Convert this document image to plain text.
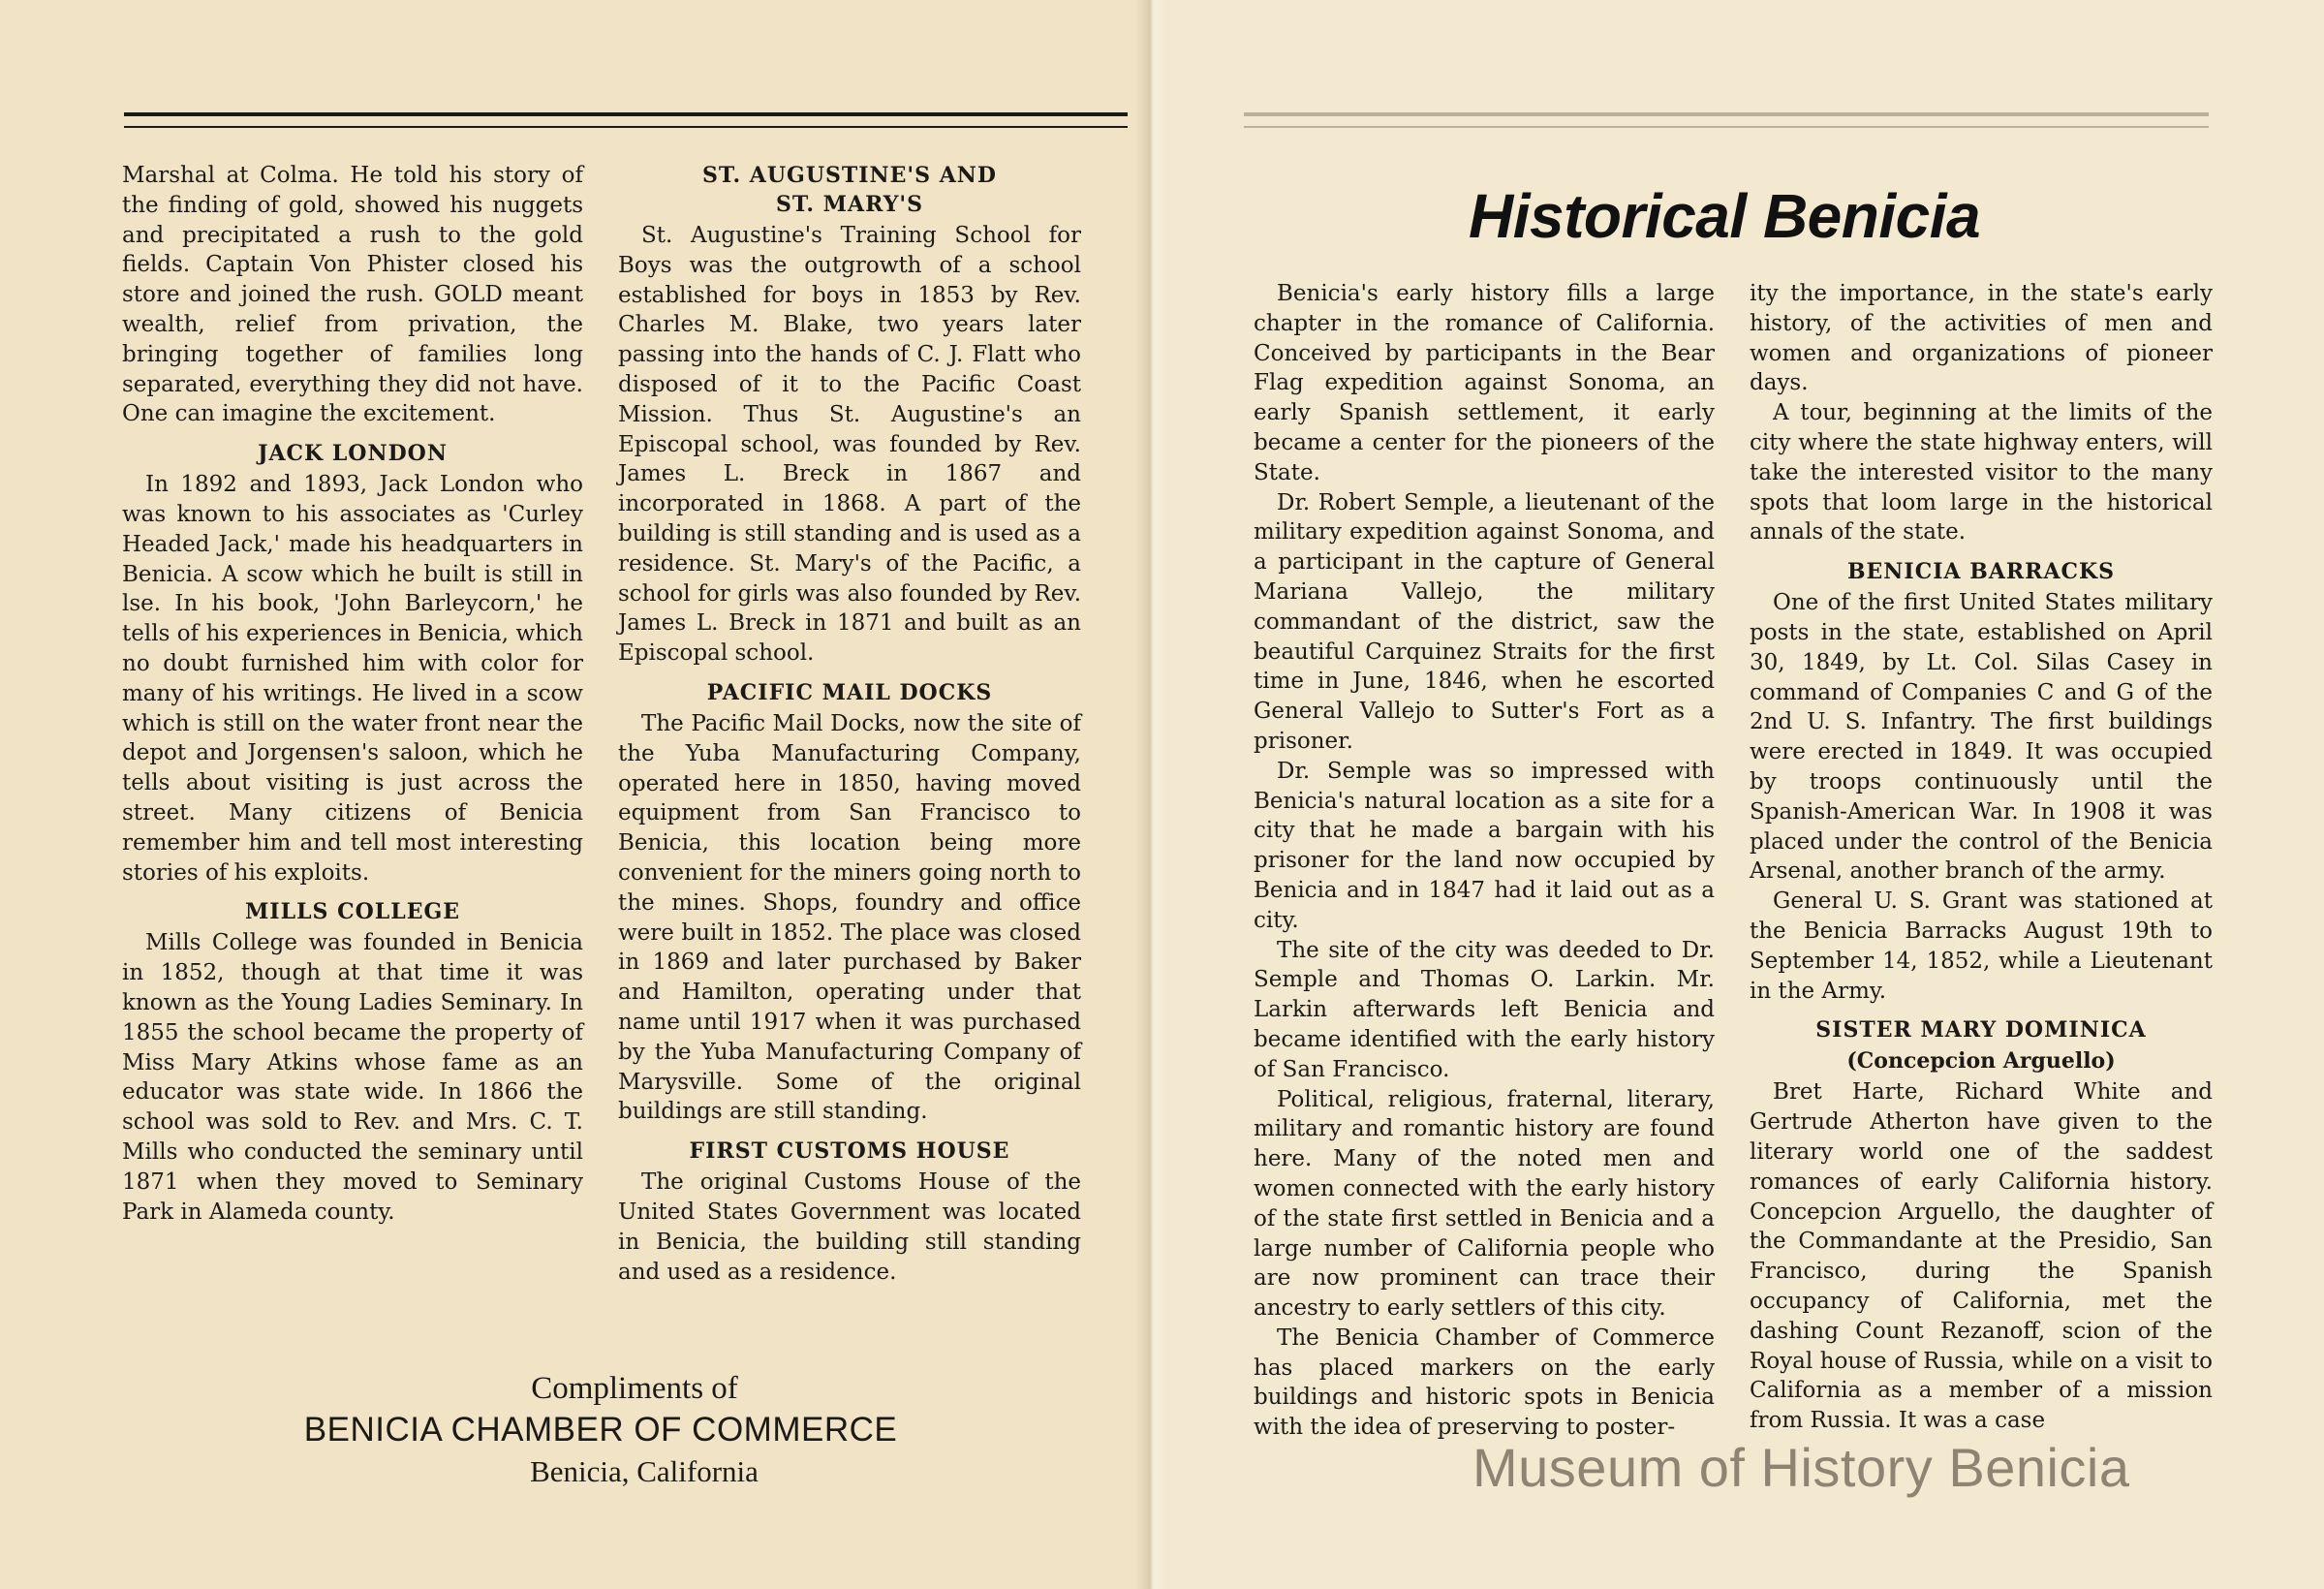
Marshal at Colma. He told his story of the finding of gold, showed his nuggets and precipitated a rush to the gold fields. Captain Von Phister closed his store and joined the rush. GOLD meant wealth, relief from privation, the bringing together of families long separated, everything they did not have. One can imagine the excitement.

JACK LONDON

In 1892 and 1893, Jack London who was known to his associates as 'Curley Headed Jack,' made his headquarters in Benicia. A scow which he built is still in lse. In his book, 'John Barleycorn,' he tells of his experiences in Benicia, which no doubt furnished him with color for many of his writings. He lived in a scow which is still on the water front near the depot and Jorgensen's saloon, which he tells about visiting is just across the street. Many citizens of Benicia remember him and tell most interesting stories of his exploits.

MILLS COLLEGE

Mills College was founded in Benicia in 1852, though at that time it was known as the Young Ladies Seminary. In 1855 the school became the property of Miss Mary Atkins whose fame as an educator was state wide. In 1866 the school was sold to Rev. and Mrs. C. T. Mills who conducted the seminary until 1871 when they moved to Seminary Park in Alameda county.

ST. AUGUSTINE'S AND
ST. MARY'S

St. Augustine's Training School for Boys was the outgrowth of a school established for boys in 1853 by Rev. Charles M. Blake, two years later passing into the hands of C. J. Flatt who disposed of it to the Pacific Coast Mission. Thus St. Augustine's an Episcopal school, was founded by Rev. James L. Breck in 1867 and incorporated in 1868. A part of the building is still standing and is used as a residence. St. Mary's of the Pacific, a school for girls was also founded by Rev. James L. Breck in 1871 and built as an Episcopal school.

PACIFIC MAIL DOCKS

The Pacific Mail Docks, now the site of the Yuba Manufacturing Company, operated here in 1850, having moved equipment from San Francisco to Benicia, this location being more convenient for the miners going north to the mines. Shops, foundry and office were built in 1852. The place was closed in 1869 and later purchased by Baker and Hamilton, operating under that name until 1917 when it was purchased by the Yuba Manufacturing Company of Marysville. Some of the original buildings are still standing.

FIRST CUSTOMS HOUSE

The original Customs House of the United States Government was located in Benicia, the building still standing and used as a residence.

Compliments of
BENICIA CHAMBER OF COMMERCE
Benicia, California
Historical Benicia

Benicia's early history fills a large chapter in the romance of California. Conceived by participants in the Bear Flag expedition against Sonoma, an early Spanish settlement, it early became a center for the pioneers of the State.

Dr. Robert Semple, a lieutenant of the military expedition against Sonoma, and a participant in the capture of General Mariana Vallejo, the military commandant of the district, saw the beautiful Carquinez Straits for the first time in June, 1846, when he escorted General Vallejo to Sutter's Fort as a prisoner.

Dr. Semple was so impressed with Benicia's natural location as a site for a city that he made a bargain with his prisoner for the land now occupied by Benicia and in 1847 had it laid out as a city.

The site of the city was deeded to Dr. Semple and Thomas O. Larkin. Mr. Larkin afterwards left Benicia and became identified with the early history of San Francisco.

Political, religious, fraternal, literary, military and romantic history are found here. Many of the noted men and women connected with the early history of the state first settled in Benicia and a large number of California people who are now prominent can trace their ancestry to early settlers of this city.

The Benicia Chamber of Commerce has placed markers on the early buildings and historic spots in Benicia with the idea of preserving to poster-

ity the importance, in the state's early history, of the activities of men and women and organizations of pioneer days.

A tour, beginning at the limits of the city where the state highway enters, will take the interested visitor to the many spots that loom large in the historical annals of the state.

BENICIA BARRACKS

One of the first United States military posts in the state, established on April 30, 1849, by Lt. Col. Silas Casey in command of Companies C and G of the 2nd U. S. Infantry. The first buildings were erected in 1849. It was occupied by troops continuously until the Spanish-American War. In 1908 it was placed under the control of the Benicia Arsenal, another branch of the army.

General U. S. Grant was stationed at the Benicia Barracks August 19th to September 14, 1852, while a Lieutenant in the Army.

SISTER MARY DOMINICA
(Concepcion Arguello)

Bret Harte, Richard White and Gertrude Atherton have given to the literary world one of the saddest romances of early California history. Concepcion Arguello, the daughter of the Commandante at the Presidio, San Francisco, during the Spanish occupancy of California, met the dashing Count Rezanoff, scion of the Royal house of Russia, while on a visit to California as a member of a mission from Russia. It was a case

Museum of History Benicia
